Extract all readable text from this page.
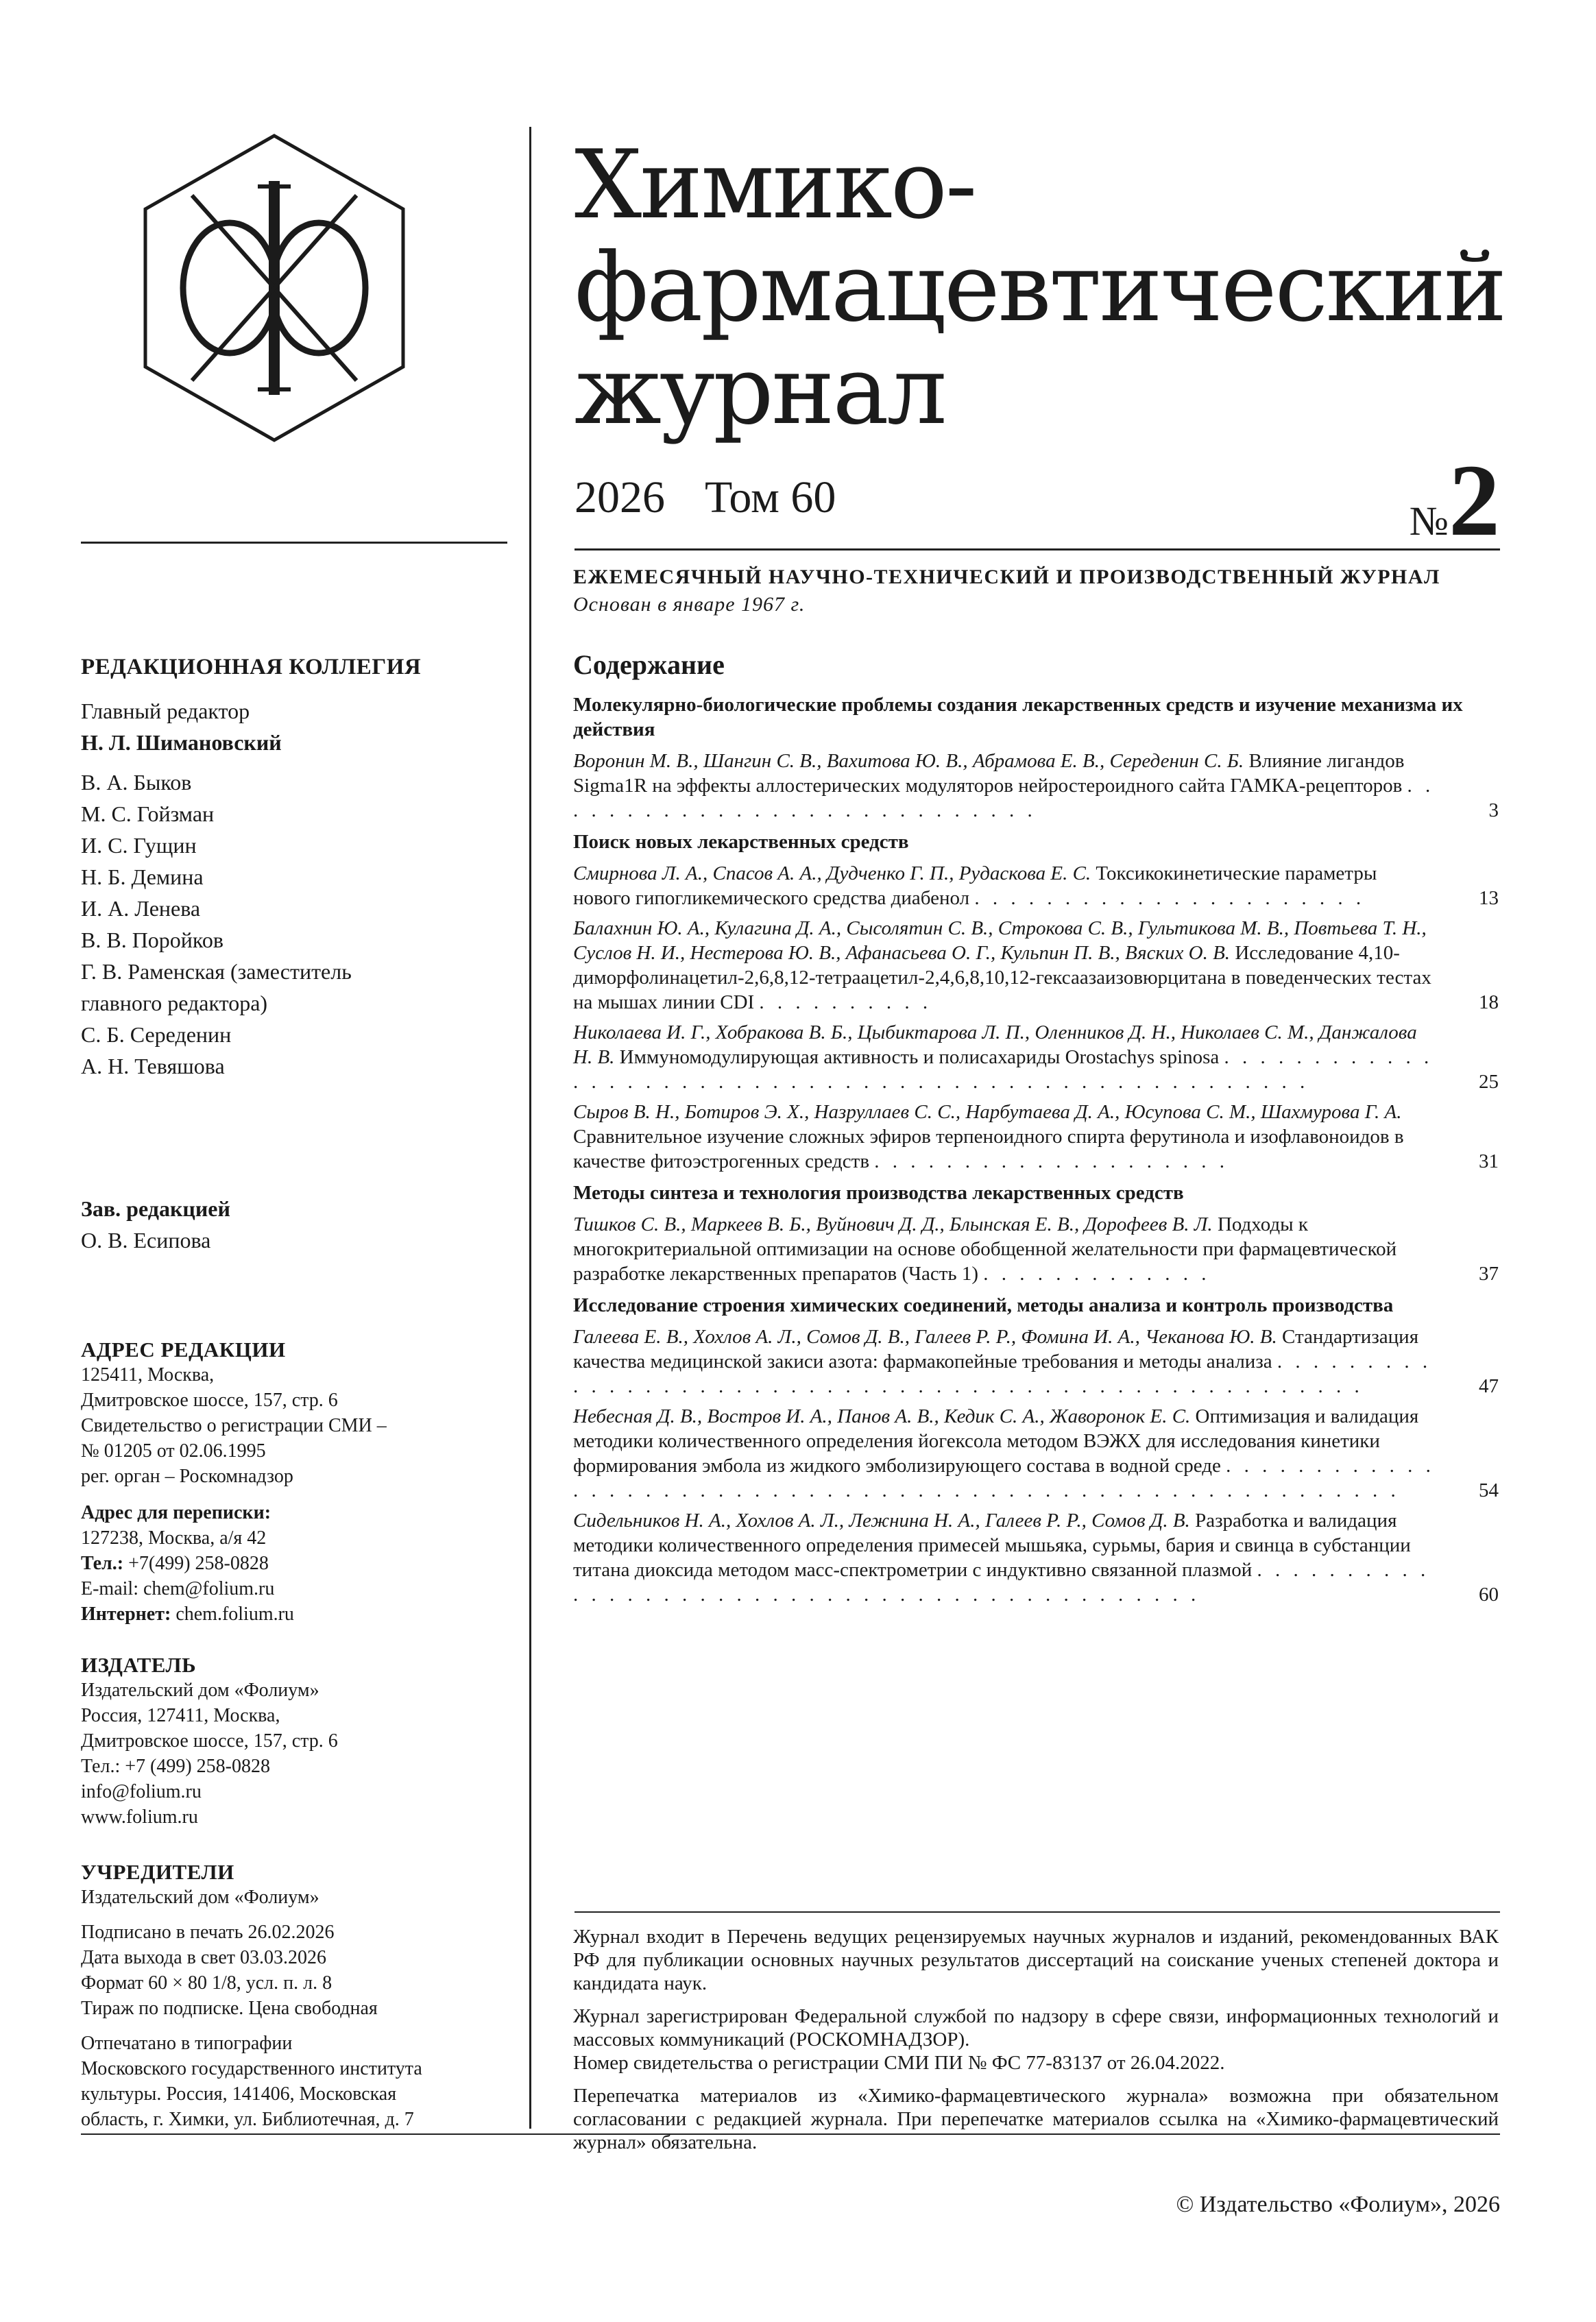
Химико-
фармацевтический
журнал
2026 Том 60	№2
ЕЖЕМЕСЯЧНЫЙ НАУЧНО-ТЕХНИЧЕСКИЙ И ПРОИЗВОДСТВЕННЫЙ ЖУРНАЛ
Основан в январе 1967 г.
РЕДАКЦИОННАЯ КОЛЛЕГИЯ
Главный редактор
Н. Л. Шимановский
В. А. Быков
М. С. Гойзман
И. С. Гущин
Н. Б. Демина
И. А. Ленева
В. В. Поройков
Г. В. Раменская (заместитель
главного редактора)
С. Б. Середенин
А. Н. Тевяшова
Зав. редакцией
О. В. Есипова
АДРЕС РЕДАКЦИИ
125411, Москва,
Дмитровское шоссе, 157, стр. 6
Свидетельство о регистрации СМИ –
№ 01205 от 02.06.1995
рег. орган – Роскомнадзор
Адрес для переписки:
127238, Москва, а/я 42
Тел.: +7(499) 258-0828
E-mail: chem@folium.ru
Интернет: chem.folium.ru
ИЗДАТЕЛЬ
Издательский дом «Фолиум»
Россия, 127411, Москва,
Дмитровское шоссе, 157, стр. 6
Тел.: +7 (499) 258-0828
info@folium.ru
www.folium.ru
УЧРЕДИТЕЛИ
Издательский дом «Фолиум»
Подписано в печать 26.02.2026
Дата выхода в свет 03.03.2026
Формат 60 × 80 1/8, усл. п. л. 8
Тираж по подписке. Цена свободная
Отпечатано в типографии
Московского государственного института
культуры. Россия, 141406, Московская
область, г. Химки, ул. Библиотечная, д. 7
Содержание
Молекулярно-биологические проблемы создания лекарственных средств и изучение механизма их действия
Воронин М. В., Шангин С. В., Вахитова Ю. В., Абрамова Е. В., Середенин С. Б. Влияние лигандов Sigma1R на эффекты аллостерических модуляторов нейростероидного сайта ГАМКА-рецепторов . . . . . . . . . . . . . . . . . . . . . . . . . . . .	3
Поиск новых лекарственных средств
Смирнова Л. А., Спасов А. А., Дудченко Г. П., Рудаскова Е. С. Токсикокинетические параметры нового гипогликемического средства диабенол . . . . . . . . . . . . . . . . . . . . . .	13
Балахнин Ю. А., Кулагина Д. А., Сысолятин С. В., Строкова С. В., Гультикова М. В., Повтьева Т. Н., Суслов Н. И., Нестерова Ю. В., Афанасьева О. Г., Кульпин П. В., Вяских О. В. Исследование 4,10-диморфолинацетил-2,6,8,12-тетраацетил-2,4,6,8,10,12-гексаазаизовюрцитана в поведенческих тестах на мышах линии CDI . . . . . . . . . .	18
Николаева И. Г., Хобракова В. Б., Цыбиктарова Л. П., Оленников Д. Н., Николаев С. М., Данжалова Н. В. Иммуномодулирующая активность и полисахариды Orostachys spinosa . . . . . . . . . . . . . . . . . . . . . . . . . . . . . . . . . . . . . . . . . . . . . . . . . . . . .	25
Сыров В. Н., Ботиров Э. Х., Назруллаев С. С., Нарбутаева Д. А., Юсупова С. М., Шахмурова Г. А. Сравнительное изучение сложных эфиров терпеноидного спирта ферутинола и изофлавоноидов в качестве фитоэстрогенных средств . . . . . . . . . . . . . . . . . . . .	31
Методы синтеза и технология производства лекарственных средств
Тишков С. В., Маркеев В. Б., Вуйнович Д. Д., Блынская Е. В., Дорофеев В. Л. Подходы к многокритериальной оптимизации на основе обобщенной желательности при фармацевтической разработке лекарственных препаратов (Часть 1) . . . . . . . . . . . . .	37
Исследование строения химических соединений, методы анализа и контроль производства
Галеева Е. В., Хохлов А. Л., Сомов Д. В., Галеев Р. Р., Фомина И. А., Чеканова Ю. В. Стандартизация качества медицинской закиси азота: фармакопейные требования и методы анализа . . . . . . . . . . . . . . . . . . . . . . . . . . . . . . . . . . . . . . . . . . . . . . . . . . . . .	47
Небесная Д. В., Востров И. А., Панов А. В., Кедик С. А., Жаворонок Е. С. Оптимизация и валидация методики количественного определения йогексола методом ВЭЖХ для исследования кинетики формирования эмбола из жидкого эмболизирующего состава в водной среде . . . . . . . . . . . . . . . . . . . . . . . . . . . . . . . . . . . . . . . . . . . . . . . . . . . . . . . . . .	54
Сидельников Н. А., Хохлов А. Л., Лежнина Н. А., Галеев Р. Р., Сомов Д. В. Разработка и валидация методики количественного определения примесей мышьяка, сурьмы, бария и свинца в субстанции титана диоксида методом масс-спектрометрии с индуктивно связанной плазмой . . . . . . . . . . . . . . . . . . . . . . . . . . . . . . . . . . . . . . . . . . . . .	60

Журнал входит в Перечень ведущих рецензируемых научных журналов и изданий, рекомендованных ВАК РФ для публикации основных научных результатов диссертаций на соискание ученых степеней доктора и кандидата наук.

Журнал зарегистрирован Федеральной службой по надзору в сфере связи, информационных технологий и массовых коммуникаций (РОСКОМНАДЗОР).

Номер свидетельства о регистрации СМИ ПИ № ФС 77-83137 от 26.04.2022.

Перепечатка материалов из «Химико-фармацевтического журнала» возможна при обязательном согласовании с редакцией журнала. При перепечатке материалов ссылка на «Химико-фармацевтический журнал» обязательна.

© Издательство «Фолиум», 2026
